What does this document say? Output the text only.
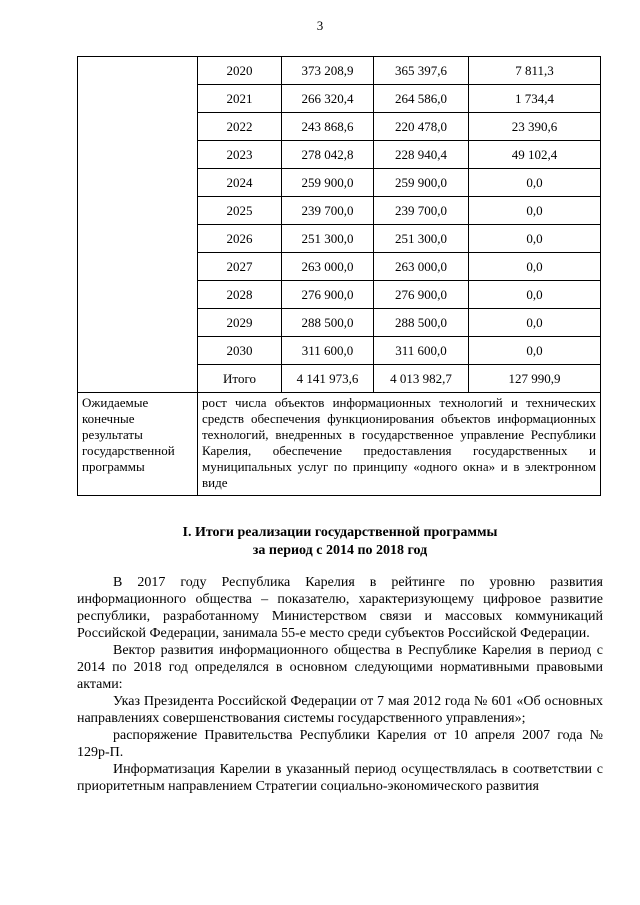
3
	2020	373 208,9	365 397,6	7 811,3
	2021	266 320,4	264 586,0	1 734,4
	2022	243 868,6	220 478,0	23 390,6
	2023	278 042,8	228 940,4	49 102,4
	2024	259 900,0	259 900,0	0,0
	2025	239 700,0	239 700,0	0,0
	2026	251 300,0	251 300,0	0,0
	2027	263 000,0	263 000,0	0,0
	2028	276 900,0	276 900,0	0,0
	2029	288 500,0	288 500,0	0,0
	2030	311 600,0	311 600,0	0,0
	Итого	4 141 973,6	4 013 982,7	127 990,9
Ожидаемые конечные результаты государственной программы	рост числа объектов информационных технологий и технических средств обеспечения функционирования объектов информационных технологий, внедренных в государственное управление Республики Карелия, обеспечение предоставления государственных и муниципальных услуг по принципу «одного окна» и в электронном виде			
I. Итоги реализации государственной программы
за период с 2014 по 2018 год

В 2017 году Республика Карелия в рейтинге по уровню развития информационного общества – показателю, характеризующему цифровое развитие республики, разработанному Министерством связи и массовых коммуникаций Российской Федерации, занимала 55-е место среди субъектов Российской Федерации.

Вектор развития информационного общества в Республике Карелия в период с 2014 по 2018 год определялся в основном следующими нормативными правовыми актами:

Указ Президента Российской Федерации от 7 мая 2012 года № 601 «Об основных направлениях совершенствования системы государственного управления»;

распоряжение Правительства Республики Карелия от 10 апреля 2007 года № 129р-П.

Информатизация Карелии в указанный период осуществлялась в соответствии с приоритетным направлением Стратегии социально-экономического развития
